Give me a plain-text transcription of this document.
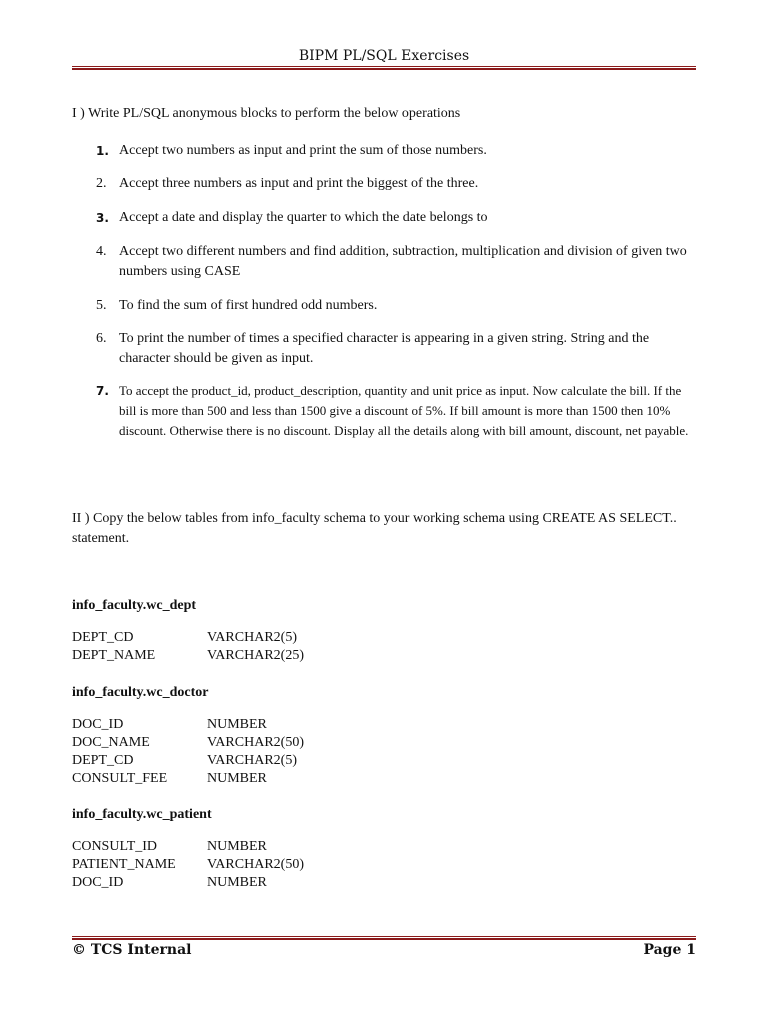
BIPM PL/SQL Exercises
I ) Write PL/SQL anonymous blocks to perform the below operations
1. Accept two numbers as input and print the sum of those numbers.
2. Accept three numbers as input and print the biggest of the three.
3. Accept a date and display the quarter to which the date belongs to
4. Accept two different numbers and find addition, subtraction, multiplication and division of given two numbers using CASE
5. To find the sum of first hundred odd numbers.
6. To print the number of times a specified character is appearing in a given string. String and the character should be given as input.
7. To accept the product_id, product_description, quantity and unit price as input. Now calculate the bill. If the bill is more than 500 and less than 1500 give a discount of 5%. If bill amount is more than 1500 then 10% discount. Otherwise there is no discount. Display all the details along with bill amount, discount, net payable.
II ) Copy the below tables from info_faculty schema to your working schema using CREATE AS SELECT.. statement.
info_faculty.wc_dept
DEPT_CD	VARCHAR2(5)
DEPT_NAME	VARCHAR2(25)
info_faculty.wc_doctor
DOC_ID	NUMBER
DOC_NAME	VARCHAR2(50)
DEPT_CD	VARCHAR2(5)
CONSULT_FEE	NUMBER
info_faculty.wc_patient
CONSULT_ID	NUMBER
PATIENT_NAME VARCHAR2(50)
DOC_ID	NUMBER
© TCS Internal	Page 1
